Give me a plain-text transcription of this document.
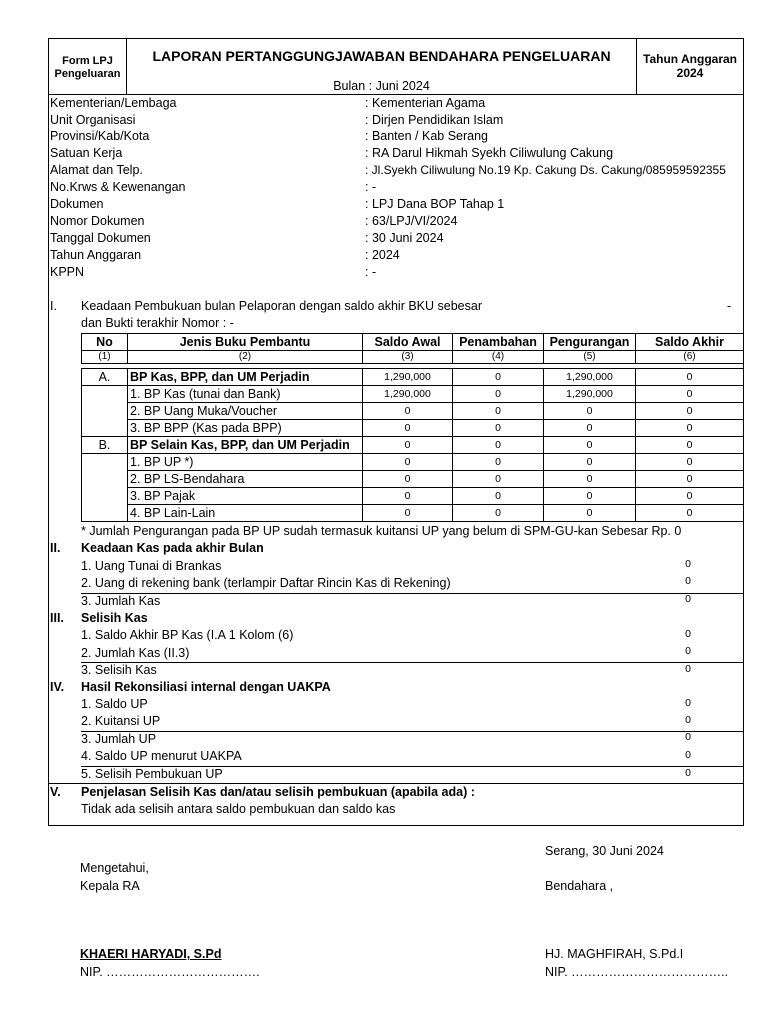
Form LPJ
Pengeluaran
LAPORAN PERTANGGUNGJAWABAN BENDAHARA PENGELUARAN
Bulan : Juni 2024
Tahun Anggaran
2024
Kementerian/Lembaga	: Kementerian Agama
Unit Organisasi	: Dirjen Pendidikan Islam
Provinsi/Kab/Kota	: Banten / Kab Serang
Satuan Kerja	: RA Darul Hikmah Syekh Ciliwulung Cakung
Alamat dan Telp.	: Jl.Syekh Ciliwulung No.19 Kp. Cakung Ds. Cakung/085959592355
No.Krws & Kewenangan	: -
Dokumen	: LPJ Dana BOP Tahap 1
Nomor Dokumen	: 63/LPJ/VI/2024
Tanggal Dokumen	: 30 Juni 2024
Tahun Anggaran	: 2024
KPPN	: -
I. Keadaan Pembukuan bulan Pelaporan dengan saldo akhir BKU sebesar	-
dan Bukti terakhir Nomor : -
No	Jenis Buku Pembantu	Saldo Awal	Penambahan	Pengurangan	Saldo Akhir
(1)	(2)	(3)	(4)	(5)	(6)

A.	BP Kas, BPP, dan UM Perjadin	1,290,000	0	1,290,000	0
	1. BP Kas (tunai dan Bank)	1,290,000	0	1,290,000	0
	2. BP Uang Muka/Voucher	0	0	0	0
	3. BP BPP (Kas pada BPP)	0	0	0	0
B.	BP Selain Kas, BPP, dan UM Perjadin	0	0	0	0
	1. BP UP *)	0	0	0	0
	2. BP LS-Bendahara	0	0	0	0
	3. BP Pajak	0	0	0	0
	4. BP Lain-Lain	0	0	0	0
* Jumlah Pengurangan pada BP UP sudah termasuk kuitansi UP yang belum di SPM-GU-kan Sebesar Rp. 0
II. Keadaan Kas pada akhir Bulan
1. Uang Tunai di Brankas	0
2. Uang di rekening bank (terlampir Daftar Rincin Kas di Rekening)	0
3. Jumlah Kas	0
III. Selisih Kas
1. Saldo Akhir BP Kas (I.A 1 Kolom (6)	0
2. Jumlah Kas (II.3)	0
3. Selisih Kas	0
IV. Hasil Rekonsiliasi internal dengan UAKPA
1. Saldo UP	0
2. Kuitansi UP	0
3. Jumlah UP	0
4. Saldo UP menurut UAKPA	0
5. Selisih Pembukuan UP	0
V. Penjelasan Selisih Kas dan/atau selisih pembukuan (apabila ada) :
Tidak ada selisih antara saldo pembukuan dan saldo kas
Serang, 30 Juni 2024
Mengetahui,
Kepala RA	Bendahara ,
KHAERI HARYADI, S.Pd	HJ. MAGHFIRAH, S.Pd.I
NIP. ……………………………….	NIP. ………………………………..
